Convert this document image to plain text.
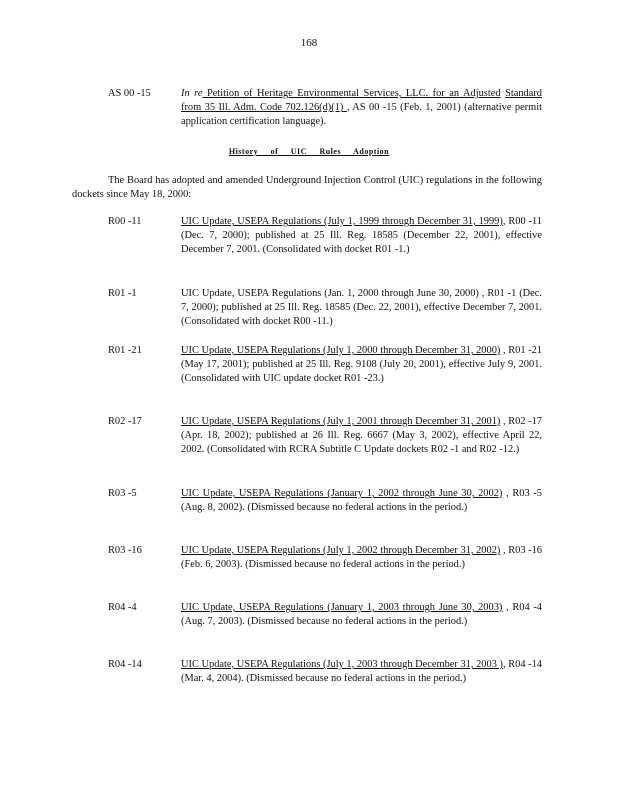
168
AS 00 -15	In re Petition of Heritage Environmental Services, LLC. for an Adjusted Standard from 35 Ill. Adm. Code 702.126(d)(1) , AS 00 -15 (Feb. 1, 2001) (alternative permit application certification language).
History of UIC Rules Adoption
The Board has adopted and amended Underground Injection Control (UIC) regulations in the following dockets since May 18, 2000:
R00 -11	UIC Update, USEPA Regulations (July 1, 1999 through December 31, 1999), R00 -11 (Dec. 7, 2000); published at 25 Ill. Reg. 18585 (December 22, 2001), effective December 7, 2001. (Consolidated with docket R01 -1.)
R01 -1	UIC Update, USEPA Regulations (Jan. 1, 2000 through June 30, 2000) , R01 -1 (Dec. 7, 2000); published at 25 Ill. Reg. 18585 (Dec. 22, 2001), effective December 7, 2001. (Consolidated with docket R00 -11.)
R01 -21	UIC Update, USEPA Regulations (July 1, 2000 through December 31, 2000) , R01 -21 (May 17, 2001); published at 25 Ill. Reg. 9108 (July 20, 2001), effective July 9, 2001. (Consolidated with UIC update docket R01 -23.)
R02 -17	UIC Update, USEPA Regulations (July 1, 2001 through December 31, 2001) , R02 -17 (Apr. 18, 2002); published at 26 Ill. Reg. 6667 (May 3, 2002), effective April 22, 2002. (Consolidated with RCRA Subtitle C Update dockets R02 -1 and R02 -12.)
R03 -5	UIC Update, USEPA Regulations (January 1, 2002 through June 30, 2002) , R03 -5 (Aug. 8, 2002). (Dismissed because no federal actions in the period.)
R03 -16	UIC Update, USEPA Regulations (July 1, 2002 through December 31, 2002) , R03 -16 (Feb. 6, 2003). (Dismissed because no federal actions in the period.)
R04 -4	UIC Update, USEPA Regulations (January 1, 2003 through June 30, 2003) , R04 -4 (Aug. 7, 2003). (Dismissed because no federal actions in the period.)
R04 -14	UIC Update, USEPA Regulations (July 1, 2003 through December 31, 2003 ), R04 -14 (Mar. 4, 2004). (Dismissed because no federal actions in the period.)
